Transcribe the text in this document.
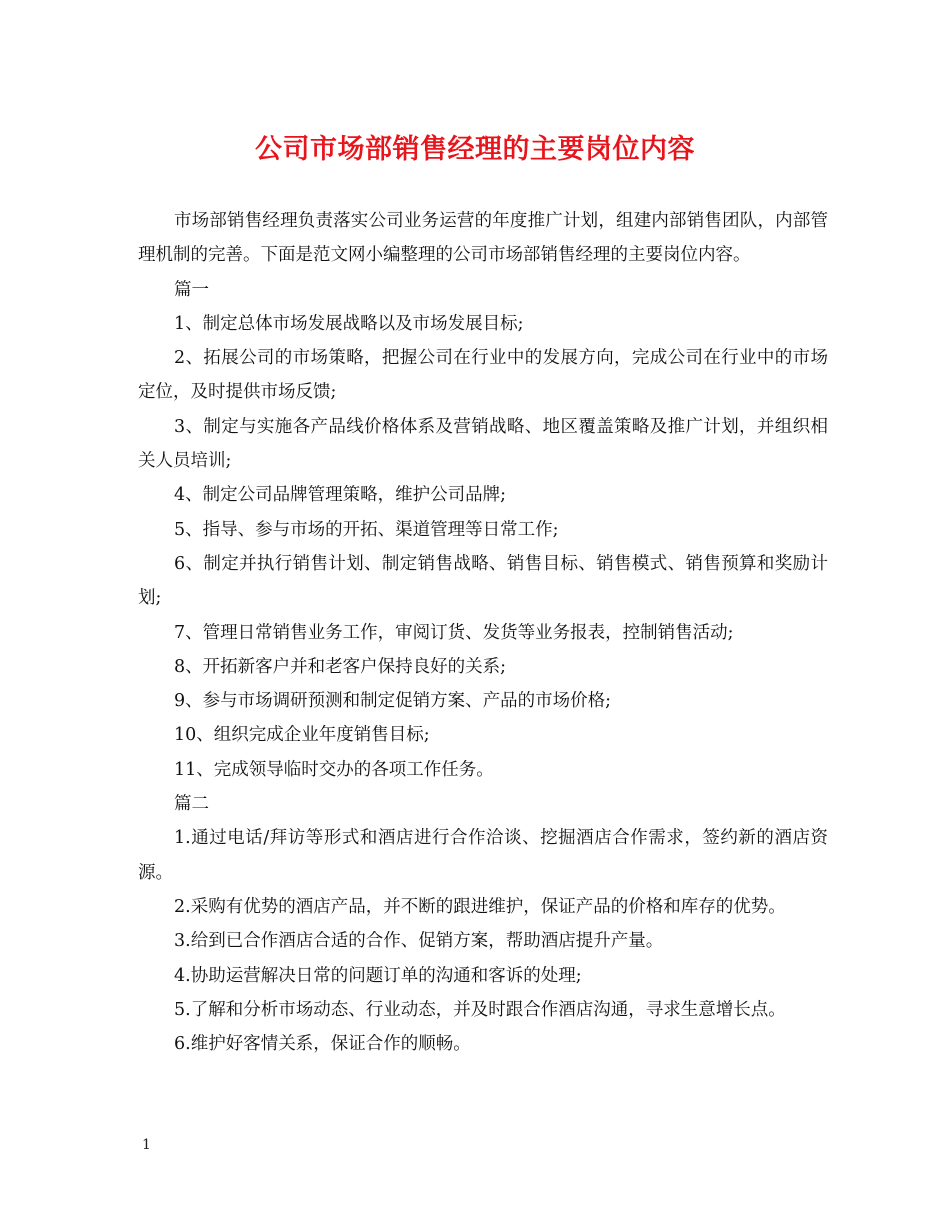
公司市场部销售经理的主要岗位内容

市场部销售经理负责落实公司业务运营的年度推广计划，组建内部销售团队，内部管理机制的完善。下面是范文网小编整理的公司市场部销售经理的主要岗位内容。

篇一

1、制定总体市场发展战略以及市场发展目标;

2、拓展公司的市场策略，把握公司在行业中的发展方向，完成公司在行业中的市场定位，及时提供市场反馈;

3、制定与实施各产品线价格体系及营销战略、地区覆盖策略及推广计划，并组织相关人员培训;

4、制定公司品牌管理策略，维护公司品牌;

5、指导、参与市场的开拓、渠道管理等日常工作;

6、制定并执行销售计划、制定销售战略、销售目标、销售模式、销售预算和奖励计划;

7、管理日常销售业务工作，审阅订货、发货等业务报表，控制销售活动;

8、开拓新客户并和老客户保持良好的关系;

9、参与市场调研预测和制定促销方案、产品的市场价格;

10、组织完成企业年度销售目标;

11、完成领导临时交办的各项工作任务。

篇二

1.通过电话/拜访等形式和酒店进行合作洽谈、挖掘酒店合作需求，签约新的酒店资源。

2.采购有优势的酒店产品，并不断的跟进维护，保证产品的价格和库存的优势。

3.给到已合作酒店合适的合作、促销方案，帮助酒店提升产量。

4.协助运营解决日常的问题订单的沟通和客诉的处理;

5.了解和分析市场动态、行业动态，并及时跟合作酒店沟通，寻求生意增长点。

6.维护好客情关系，保证合作的顺畅。

1
